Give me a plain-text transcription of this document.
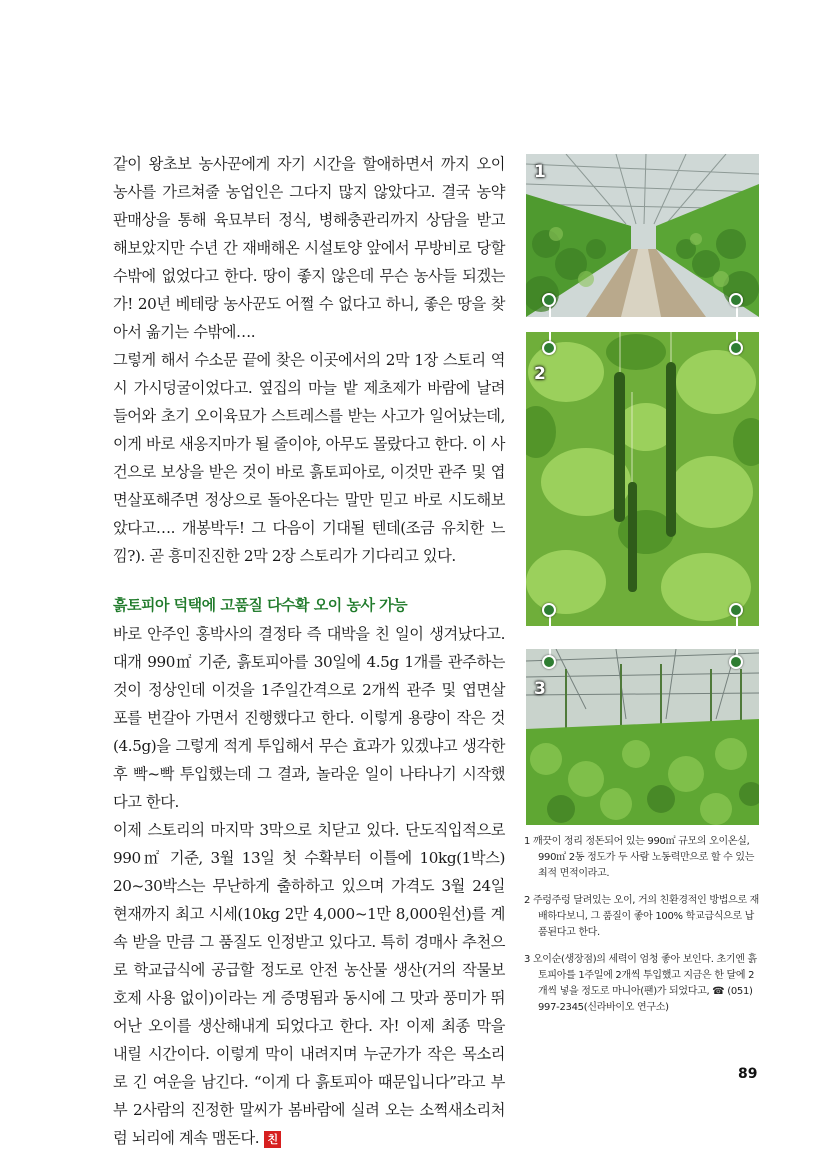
같이 왕초보 농사꾼에게 자기 시간을 할애하면서 까지 오이 농사를 가르쳐줄 농업인은 그다지 많지 않았다고. 결국 농약판매상을 통해 육묘부터 정식, 병해충관리까지 상담을 받고 해보았지만 수년 간 재배해온 시설토양 앞에서 무방비로 당할 수밖에 없었다고 한다. 땅이 좋지 않은데 무슨 농사들 되겠는가! 20년 베테랑 농사꾼도 어쩔 수 없다고 하니, 좋은 땅을 찾아서 옮기는 수밖에….

그렇게 해서 수소문 끝에 찾은 이곳에서의 2막 1장 스토리 역시 가시덩굴이었다고. 옆집의 마늘 밭 제초제가 바람에 날려 들어와 초기 오이육묘가 스트레스를 받는 사고가 일어났는데, 이게 바로 새옹지마가 될 줄이야, 아무도 몰랐다고 한다. 이 사건으로 보상을 받은 것이 바로 흙토피아로, 이것만 관주 및 엽면살포해주면 정상으로 돌아온다는 말만 믿고 바로 시도해보았다고…. 개봉박두! 그 다음이 기대될 텐데(조금 유치한 느낌?). 곧 흥미진진한 2막 2장 스토리가 기다리고 있다.

흙토피아 덕택에 고품질 다수확 오이 농사 가능

바로 안주인 홍박사의 결정타 즉 대박을 친 일이 생겨났다고. 대개 990㎡ 기준, 흙토피아를 30일에 4.5g 1개를 관주하는 것이 정상인데 이것을 1주일간격으로 2개씩 관주 및 엽면살포를 번갈아 가면서 진행했다고 한다. 이렇게 용량이 작은 것(4.5g)을 그렇게 적게 투입해서 무슨 효과가 있겠냐고 생각한 후 빡~빡 투입했는데 그 결과, 놀라운 일이 나타나기 시작했다고 한다.

이제 스토리의 마지막 3막으로 치닫고 있다. 단도직입적으로 990㎡ 기준, 3월 13일 첫 수확부터 이틀에 10kg(1박스) 20~30박스는 무난하게 출하하고 있으며 가격도 3월 24일 현재까지 최고 시세(10kg 2만 4,000~1만 8,000원선)를 계속 받을 만큼 그 품질도 인정받고 있다고. 특히 경매사 추천으로 학교급식에 공급할 정도로 안전 농산물 생산(거의 작물보호제 사용 없이)이라는 게 증명됨과 동시에 그 맛과 풍미가 뛰어난 오이를 생산해내게 되었다고 한다. 자! 이제 최종 막을 내릴 시간이다. 이렇게 막이 내려지며 누군가가 작은 목소리로 긴 여운을 남긴다. “이게 다 흙토피아 때문입니다”라고 부부 2사람의 진정한 말씨가 봄바람에 실려 오는 소쩍새소리처럼 뇌리에 계속 맴돈다. 친

1
2
3

1 깨끗이 정리 정돈되어 있는 990㎡ 규모의 오이온실, 990㎡ 2동 정도가 두 사람 노동력만으로 할 수 있는 최적 면적이라고.

2 주렁주렁 달려있는 오이, 거의 친환경적인 방법으로 재배하다보니, 그 품질이 좋아 100% 학교급식으로 납품된다고 한다.

3 오이순(생장점)의 세력이 엄청 좋아 보인다. 초기엔 흙토피아를 1주일에 2개씩 투입했고 지금은 한 달에 2개씩 넣을 정도로 마니아(팬)가 되었다고, ☎ (051) 997-2345(신라바이오 연구소)

89
